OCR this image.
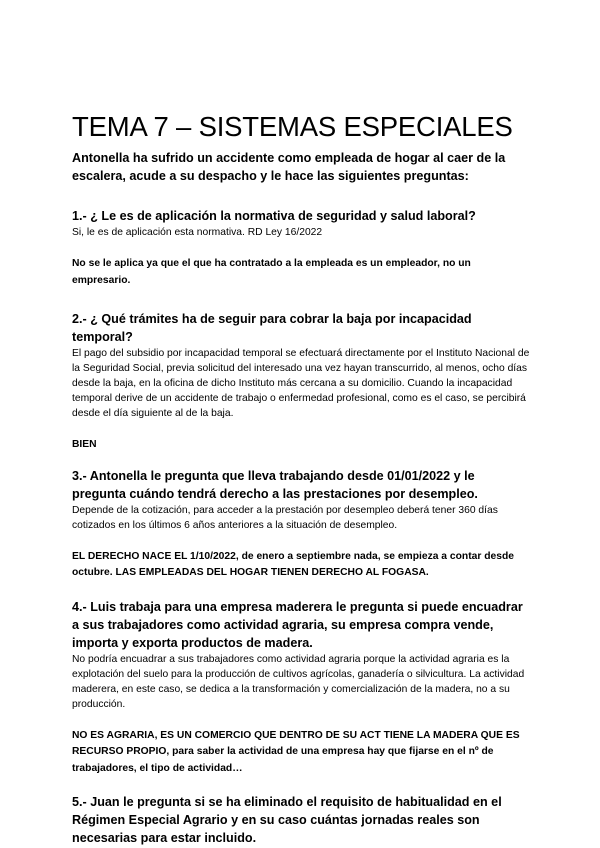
TEMA 7 – SISTEMAS ESPECIALES

Antonella ha sufrido un accidente como empleada de hogar al caer de la escalera, acude a su despacho y le hace las siguientes preguntas:

1.- ¿ Le es de aplicación la normativa de seguridad y salud laboral?

Si, le es de aplicación esta normativa. RD Ley 16/2022

No se le aplica ya que el que ha contratado a la empleada es un empleador, no un empresario.

2.- ¿ Qué trámites ha de seguir para cobrar la baja por incapacidad temporal?

El pago del subsidio por incapacidad temporal se efectuará directamente por el Instituto Nacional de la Seguridad Social, previa solicitud del interesado una vez hayan transcurrido, al menos, ocho días desde la baja, en la oficina de dicho Instituto más cercana a su domicilio. Cuando la incapacidad temporal derive de un accidente de trabajo o enfermedad profesional, como es el caso, se percibirá desde el día siguiente al de la baja.

BIEN

3.- Antonella le pregunta que lleva trabajando desde 01/01/2022 y le pregunta cuándo tendrá derecho a las prestaciones por desempleo.

Depende de la cotización, para acceder a la prestación por desempleo deberá tener 360 días cotizados en los últimos 6 años anteriores a la situación de desempleo.

EL DERECHO NACE EL 1/10/2022, de enero a septiembre nada, se empieza a contar desde octubre. LAS EMPLEADAS DEL HOGAR TIENEN DERECHO AL FOGASA.

4.- Luis trabaja para una empresa maderera le pregunta si puede encuadrar a sus trabajadores como actividad agraria, su empresa compra vende, importa y exporta productos de madera.

No podría encuadrar a sus trabajadores como actividad agraria porque la actividad agraria es la explotación del suelo para la producción de cultivos agrícolas, ganadería o silvicultura. La actividad maderera, en este caso, se dedica a la transformación y comercialización de la madera, no a su producción.

NO ES AGRARIA, ES UN COMERCIO QUE DENTRO DE SU ACT TIENE LA MADERA QUE ES RECURSO PROPIO, para saber la actividad de una empresa hay que fijarse en el nº de trabajadores, el tipo de actividad…

5.- Juan le pregunta si se ha eliminado el requisito de habitualidad en el Régimen Especial Agrario y en su caso cuántas jornadas reales son necesarias para estar incluido.
